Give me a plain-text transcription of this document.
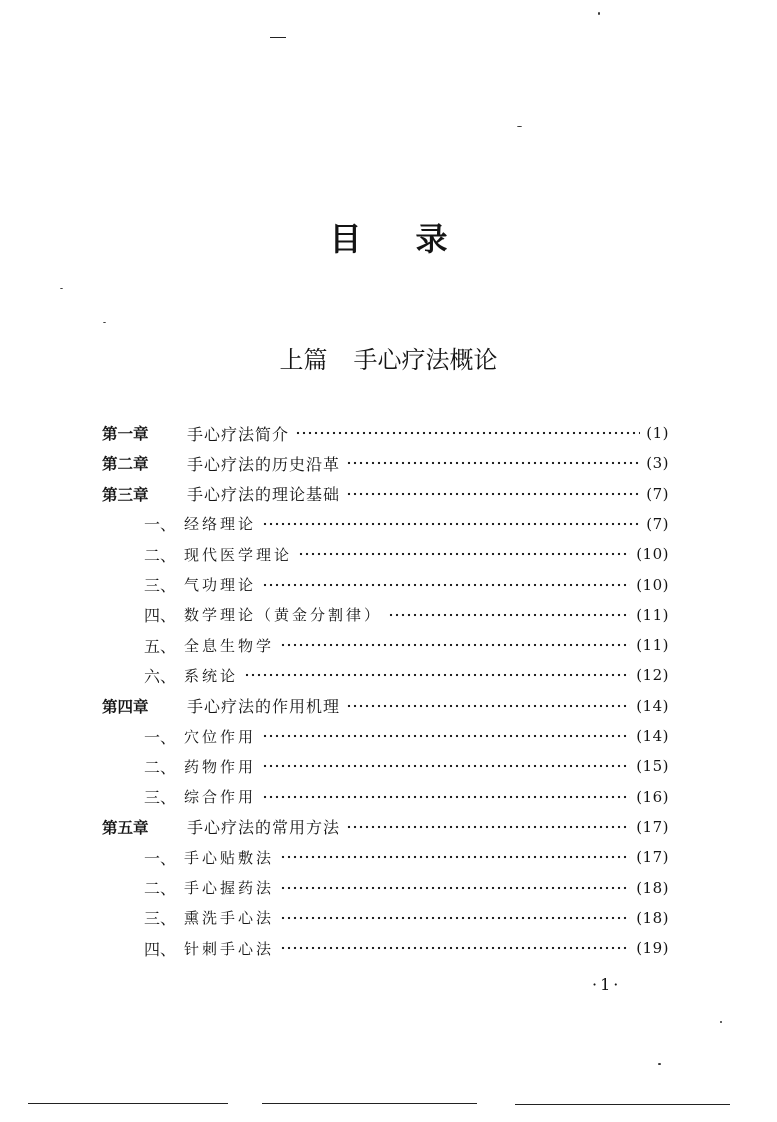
目 录
上篇 手心疗法概论
第一章 手心疗法简介	(1)
第二章 手心疗法的历史沿革	(3)
第三章 手心疗法的理论基础	(7)
一、 经络理论	(7)
二、 现代医学理论	(10)
三、 气功理论	(10)
四、 数学理论（黄金分割律）	(11)
五、 全息生物学	(11)
六、 系统论	(12)
第四章 手心疗法的作用机理	(14)
一、 穴位作用	(14)
二、 药物作用	(15)
三、 综合作用	(16)
第五章 手心疗法的常用方法	(17)
一、 手心贴敷法	(17)
二、 手心握药法	(18)
三、 熏洗手心法	(18)
四、 针刺手心法	(19)
·1·
